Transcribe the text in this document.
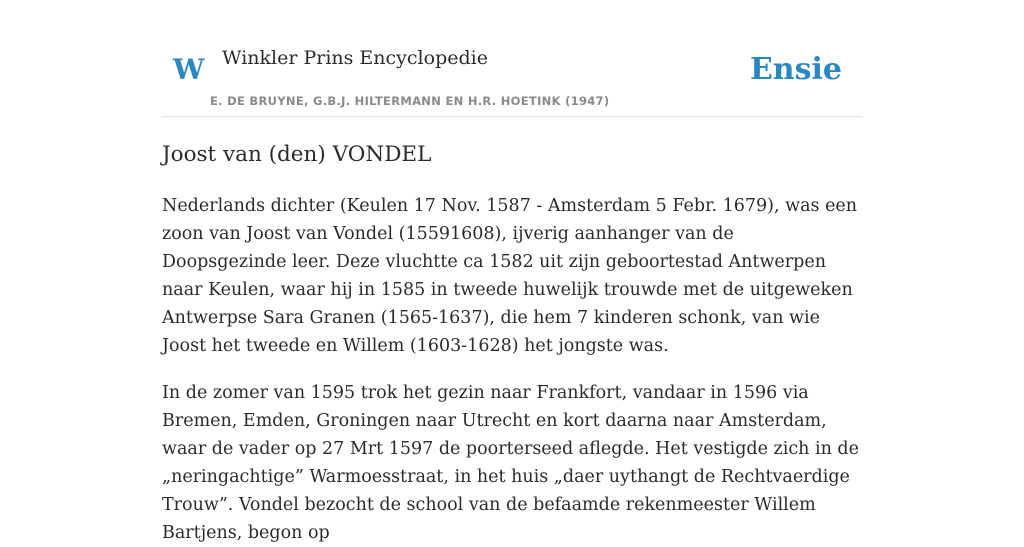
W Winkler Prins Encyclopedie
E. DE BRUYNE, G.B.J. HILTERMANN EN H.R. HOETINK (1947)
Ensie
Joost van (den) VONDEL

Nederlands dichter (Keulen 17 Nov. 1587 - Amsterdam 5 Febr. 1679), was een zoon van Joost van Vondel (15591608), ijverig aanhanger van de Doopsgezinde leer. Deze vluchtte ca 1582 uit zijn geboortestad Antwerpen naar Keulen, waar hij in 1585 in tweede huwelijk trouwde met de uitgeweken Antwerpse Sara Granen (1565-1637), die hem 7 kinderen schonk, van wie Joost het tweede en Willem (1603-1628) het jongste was.

In de zomer van 1595 trok het gezin naar Frankfort, vandaar in 1596 via Bremen, Emden, Groningen naar Utrecht en kort daarna naar Amsterdam, waar de vader op 27 Mrt 1597 de poorterseed aflegde. Het vestigde zich in de „neringachtige” Warmoesstraat, in het huis „daer uythangt de Rechtvaerdige Trouw”. Vondel bezocht de school van de befaamde rekenmeester Willem Bartjens, begon op
